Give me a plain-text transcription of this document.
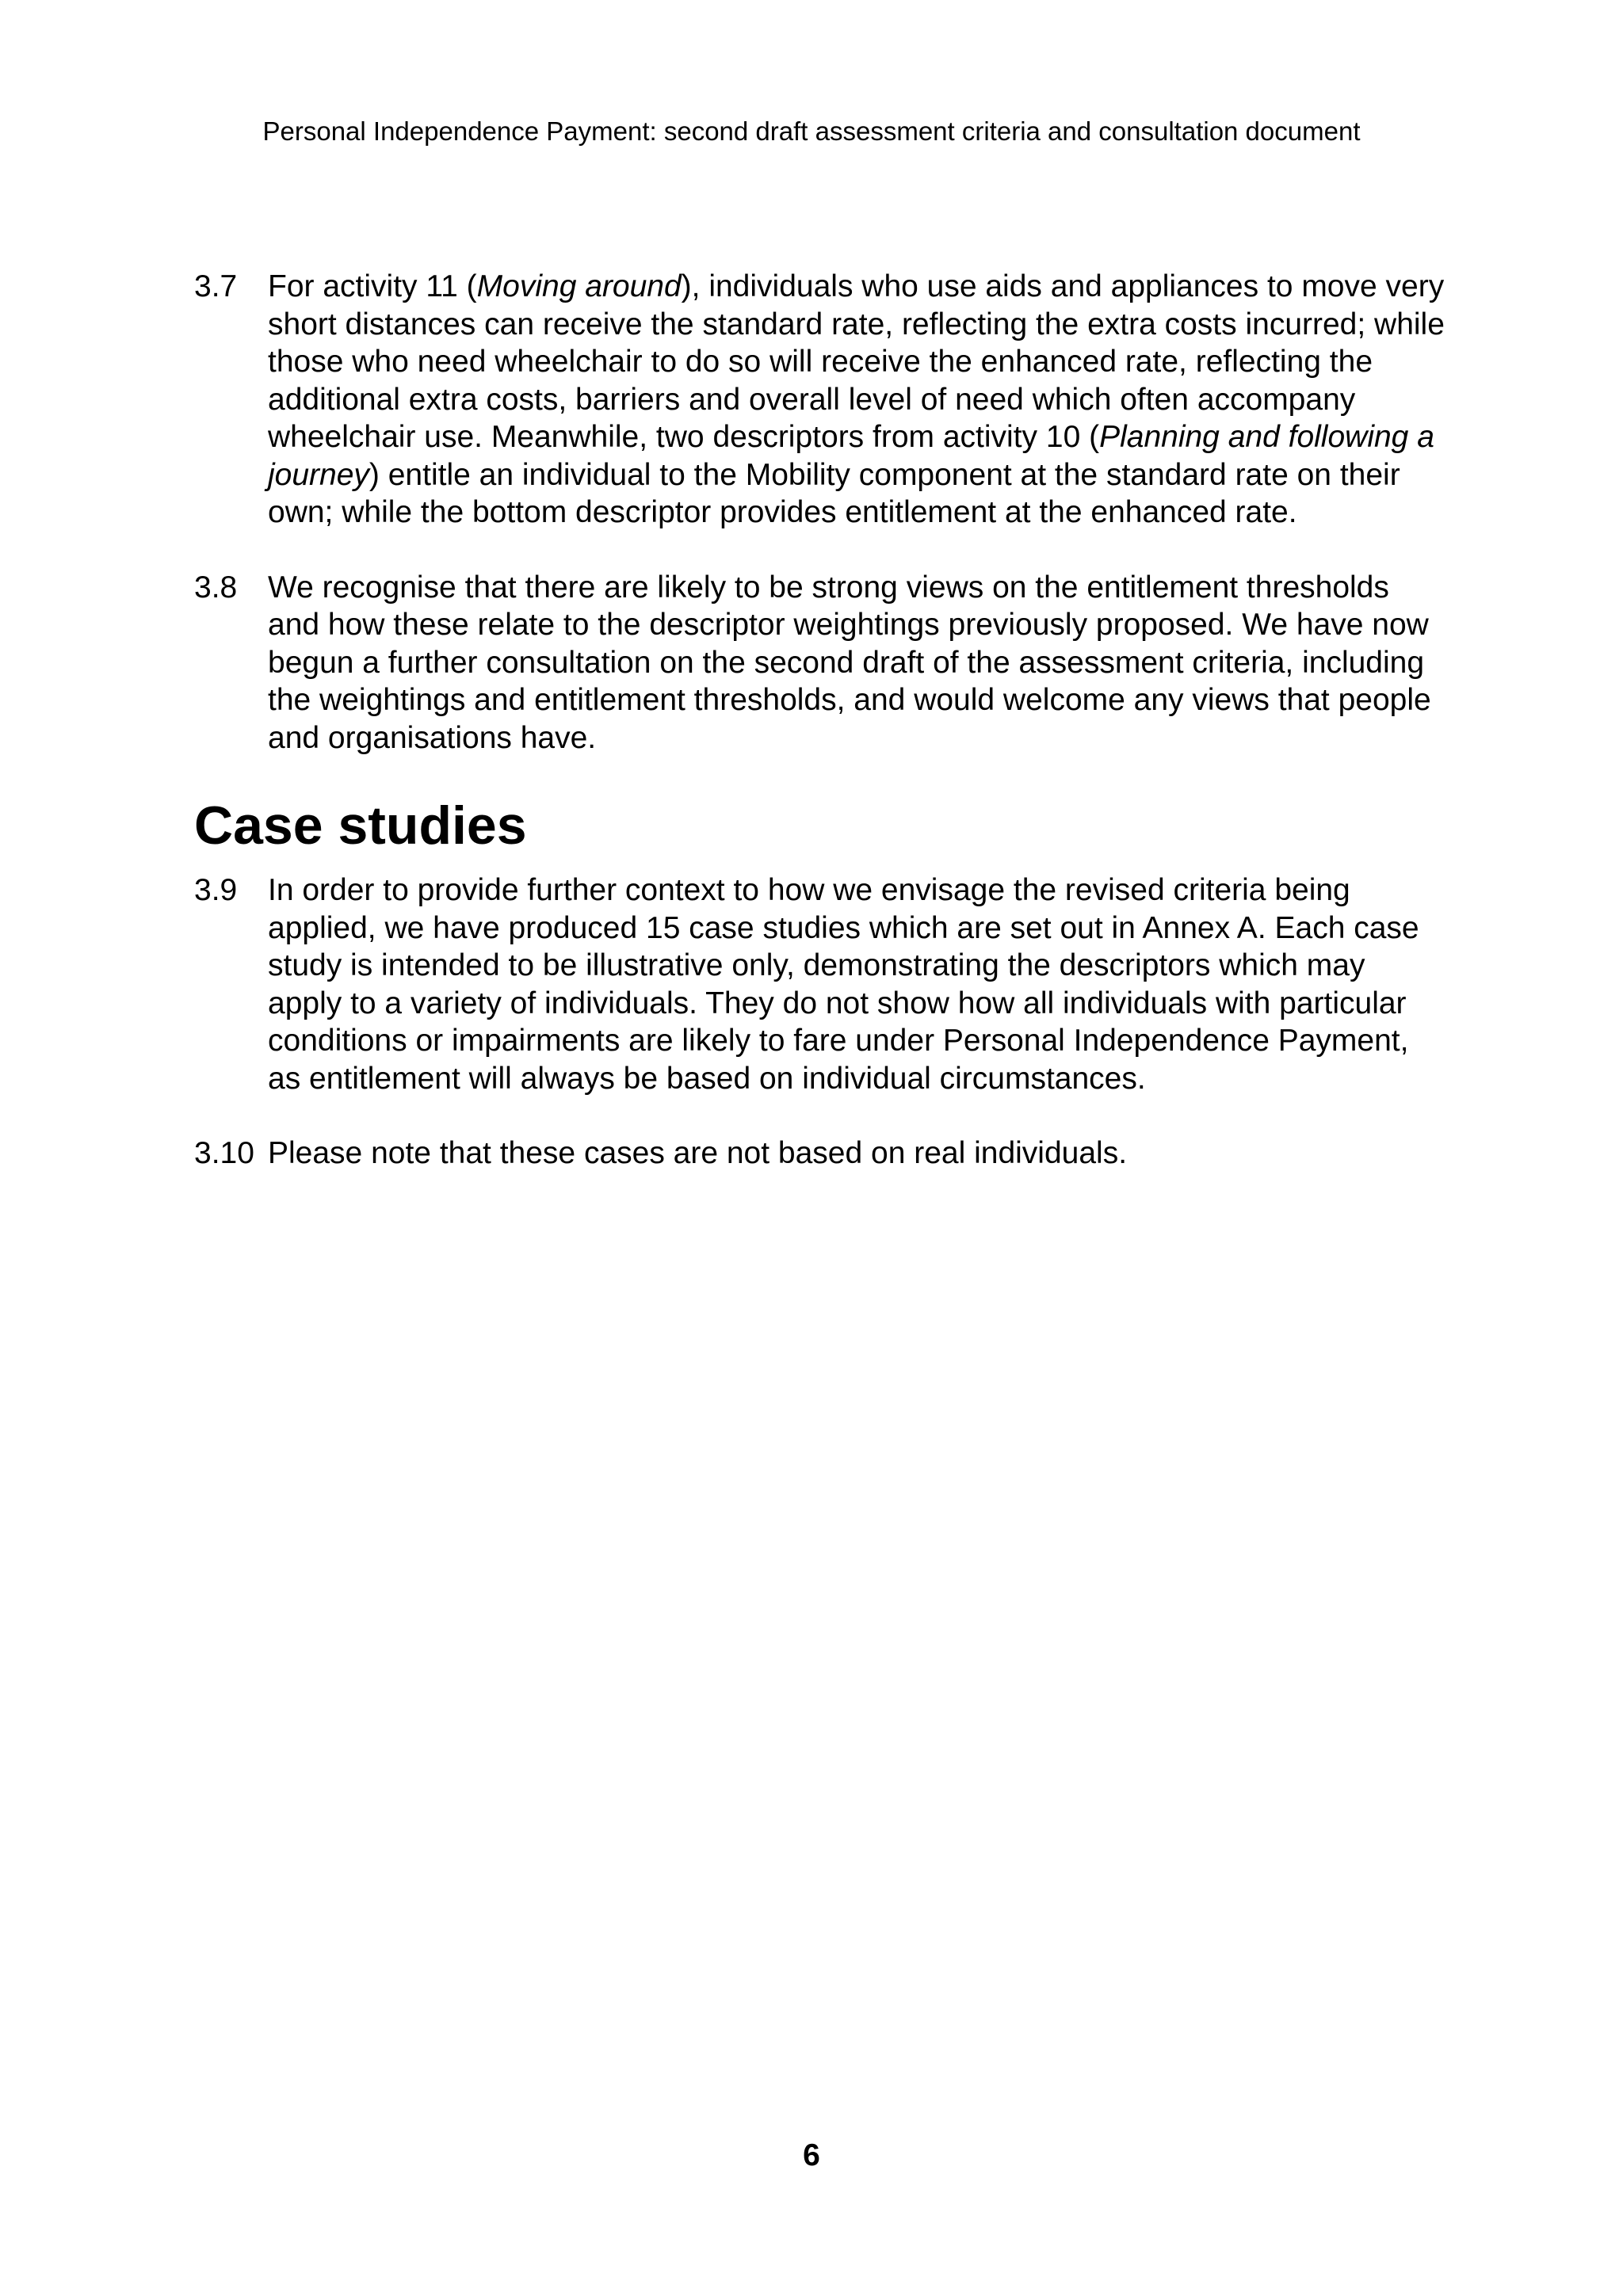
Personal Independence Payment: second draft assessment criteria and consultation document
3.7 For activity 11 (Moving around), individuals who use aids and appliances to move very short distances can receive the standard rate, reflecting the extra costs incurred; while those who need wheelchair to do so will receive the enhanced rate, reflecting the additional extra costs, barriers and overall level of need which often accompany wheelchair use. Meanwhile, two descriptors from activity 10 (Planning and following a journey) entitle an individual to the Mobility component at the standard rate on their own; while the bottom descriptor provides entitlement at the enhanced rate.
3.8 We recognise that there are likely to be strong views on the entitlement thresholds and how these relate to the descriptor weightings previously proposed. We have now begun a further consultation on the second draft of the assessment criteria, including the weightings and entitlement thresholds, and would welcome any views that people and organisations have.
Case studies
3.9 In order to provide further context to how we envisage the revised criteria being applied, we have produced 15 case studies which are set out in Annex A. Each case study is intended to be illustrative only, demonstrating the descriptors which may apply to a variety of individuals. They do not show how all individuals with particular conditions or impairments are likely to fare under Personal Independence Payment, as entitlement will always be based on individual circumstances.
3.10 Please note that these cases are not based on real individuals.
6
